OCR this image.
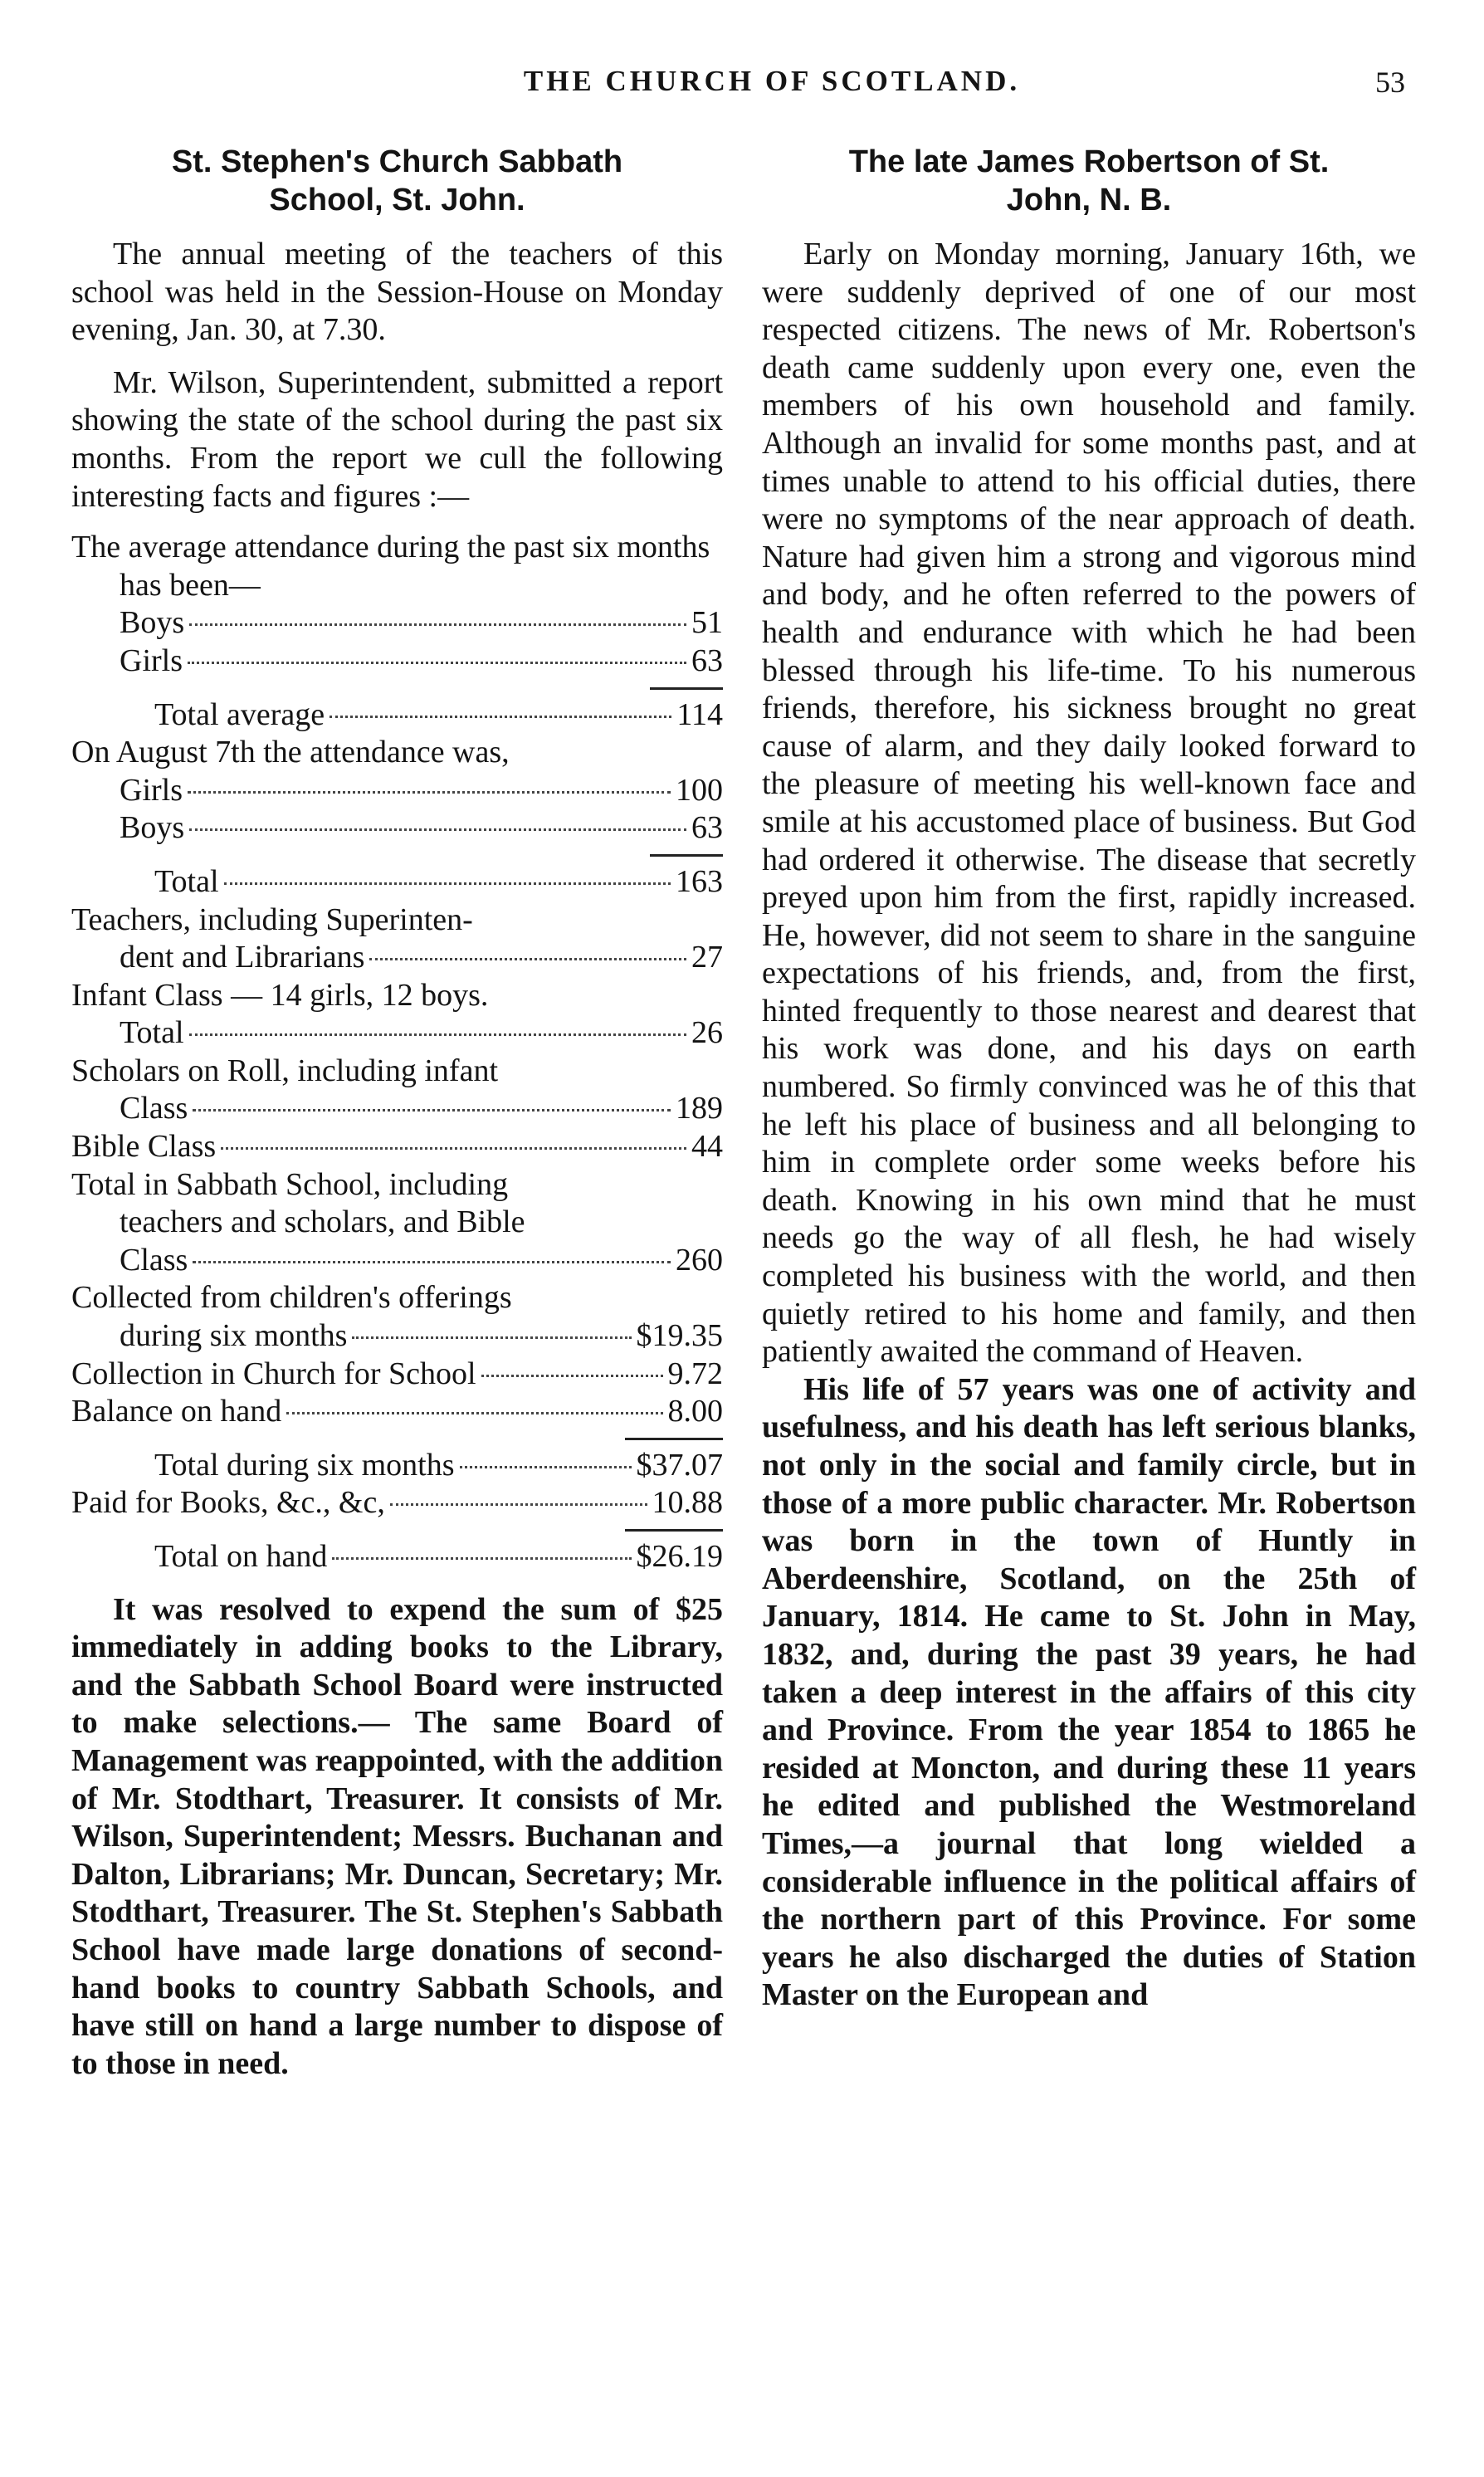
THE CHURCH OF SCOTLAND.	53
St. Stephen's Church Sabbath
School, St. John.

The annual meeting of the teachers of this school was held in the Session-House on Monday evening, Jan. 30, at 7.30.

Mr. Wilson, Superintendent, submitted a report showing the state of the school during the past six months. From the report we cull the following interesting facts and figures :—

The average attendance during the past six months has been—

Boys	51
Girls	63
Total average	114
On August 7th the attendance was,
Girls	100
Boys	63
Total	163
Teachers, including Superinten-
dent and Librarians	27
Infant Class — 14 girls, 12 boys.
Total	26
Scholars on Roll, including infant
Class	189
Bible Class	44
Total in Sabbath School, including
teachers and scholars, and Bible
Class	260
Collected from children's offerings
during six months	$19.35
Collection in Church for School	9.72
Balance on hand	8.00
Total during six months	$37.07
Paid for Books, &c., &c,	10.88
Total on hand	$26.19

It was resolved to expend the sum of $25 immediately in adding books to the Library, and the Sabbath School Board were instructed to make selections.— The same Board of Management was reappointed, with the addition of Mr. Stodthart, Treasurer. It consists of Mr. Wilson, Superintendent; Messrs. Buchanan and Dalton, Librarians; Mr. Duncan, Secretary; Mr. Stodthart, Treasurer. The St. Stephen's Sabbath School have made large donations of second-hand books to country Sabbath Schools, and have still on hand a large number to dispose of to those in need.

The late James Robertson of St.
John, N. B.

Early on Monday morning, January 16th, we were suddenly deprived of one of our most respected citizens. The news of Mr. Robertson's death came suddenly upon every one, even the members of his own household and family. Although an invalid for some months past, and at times unable to attend to his official duties, there were no symptoms of the near approach of death. Nature had given him a strong and vigorous mind and body, and he often referred to the powers of health and endurance with which he had been blessed through his life-time. To his numerous friends, therefore, his sickness brought no great cause of alarm, and they daily looked forward to the pleasure of meeting his well-known face and smile at his accustomed place of business. But God had ordered it otherwise. The disease that secretly preyed upon him from the first, rapidly increased. He, however, did not seem to share in the sanguine expectations of his friends, and, from the first, hinted frequently to those nearest and dearest that his work was done, and his days on earth numbered. So firmly convinced was he of this that he left his place of business and all belonging to him in complete order some weeks before his death. Knowing in his own mind that he must needs go the way of all flesh, he had wisely completed his business with the world, and then quietly retired to his home and family, and then patiently awaited the command of Heaven.

His life of 57 years was one of activity and usefulness, and his death has left serious blanks, not only in the social and family circle, but in those of a more public character. Mr. Robertson was born in the town of Huntly in Aberdeenshire, Scotland, on the 25th of January, 1814. He came to St. John in May, 1832, and, during the past 39 years, he had taken a deep interest in the affairs of this city and Province. From the year 1854 to 1865 he resided at Moncton, and during these 11 years he edited and published the Westmoreland Times,—a journal that long wielded a considerable influence in the political affairs of the northern part of this Province. For some years he also discharged the duties of Station Master on the European and
